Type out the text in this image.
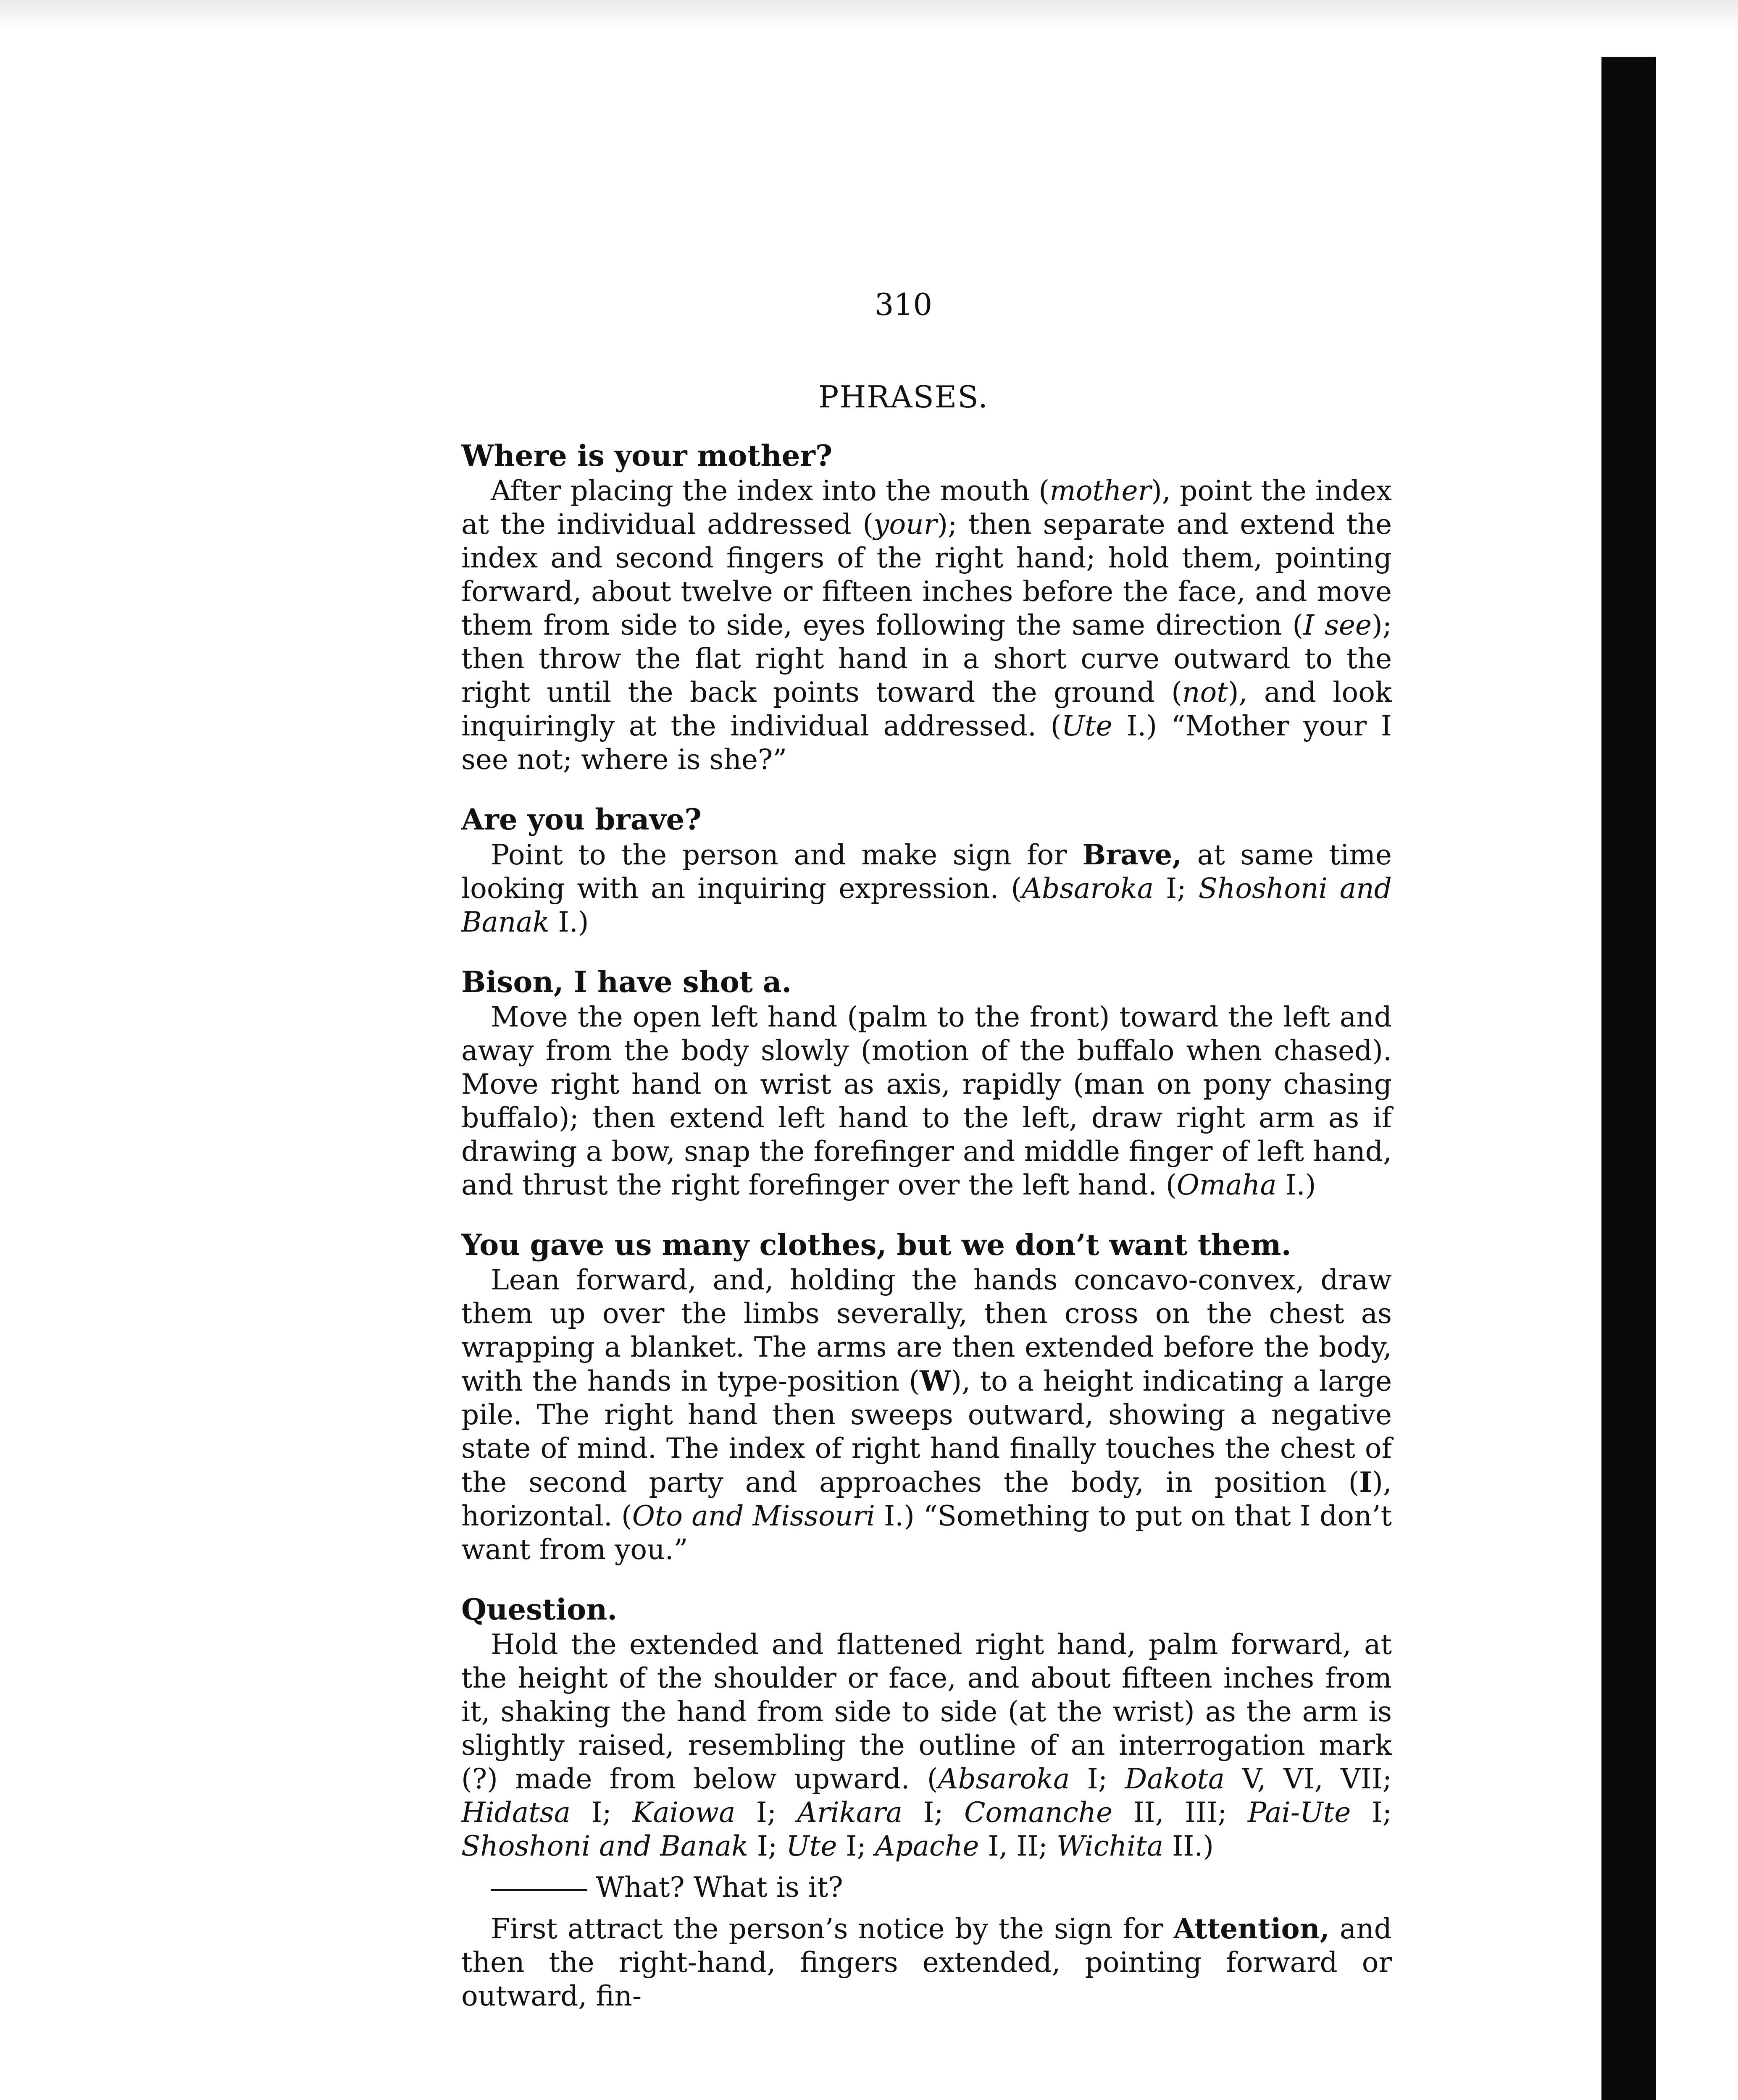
310
PHRASES.
Where is your mother?

After placing the index into the mouth (mother), point the index at the individual addressed (your); then separate and extend the index and second fingers of the right hand; hold them, pointing forward, about twelve or fifteen inches before the face, and move them from side to side, eyes following the same direction (I see); then throw the flat right hand in a short curve outward to the right until the back points toward the ground (not), and look inquiringly at the individual addressed. (Ute I.) “Mother your I see not; where is she?”

Are you brave?

Point to the person and make sign for Brave, at same time looking with an inquiring expression. (Absaroka I; Shoshoni and Banak I.)

Bison, I have shot a.

Move the open left hand (palm to the front) toward the left and away from the body slowly (motion of the buffalo when chased). Move right hand on wrist as axis, rapidly (man on pony chasing buffalo); then extend left hand to the left, draw right arm as if drawing a bow, snap the forefinger and middle finger of left hand, and thrust the right forefinger over the left hand. (Omaha I.)

You gave us many clothes, but we don’t want them.

Lean forward, and, holding the hands concavo-convex, draw them up over the limbs severally, then cross on the chest as wrapping a blanket. The arms are then extended before the body, with the hands in type-position (W), to a height indicating a large pile. The right hand then sweeps outward, showing a negative state of mind. The index of right hand finally touches the chest of the second party and approaches the body, in position (I), horizontal. (Oto and Missouri I.) “Something to put on that I don’t want from you.”

Question.

Hold the extended and flattened right hand, palm forward, at the height of the shoulder or face, and about fifteen inches from it, shaking the hand from side to side (at the wrist) as the arm is slightly raised, resembling the outline of an interrogation mark (?) made from below upward. (Absaroka I; Dakota V, VI, VII; Hidatsa I; Kaiowa I; Arikara I; Comanche II, III; Pai-Ute I; Shoshoni and Banak I; Ute I; Apache I, II; Wichita II.)

What? What is it?

First attract the person’s notice by the sign for Attention, and then the right-hand, fingers extended, pointing forward or outward, fin-
